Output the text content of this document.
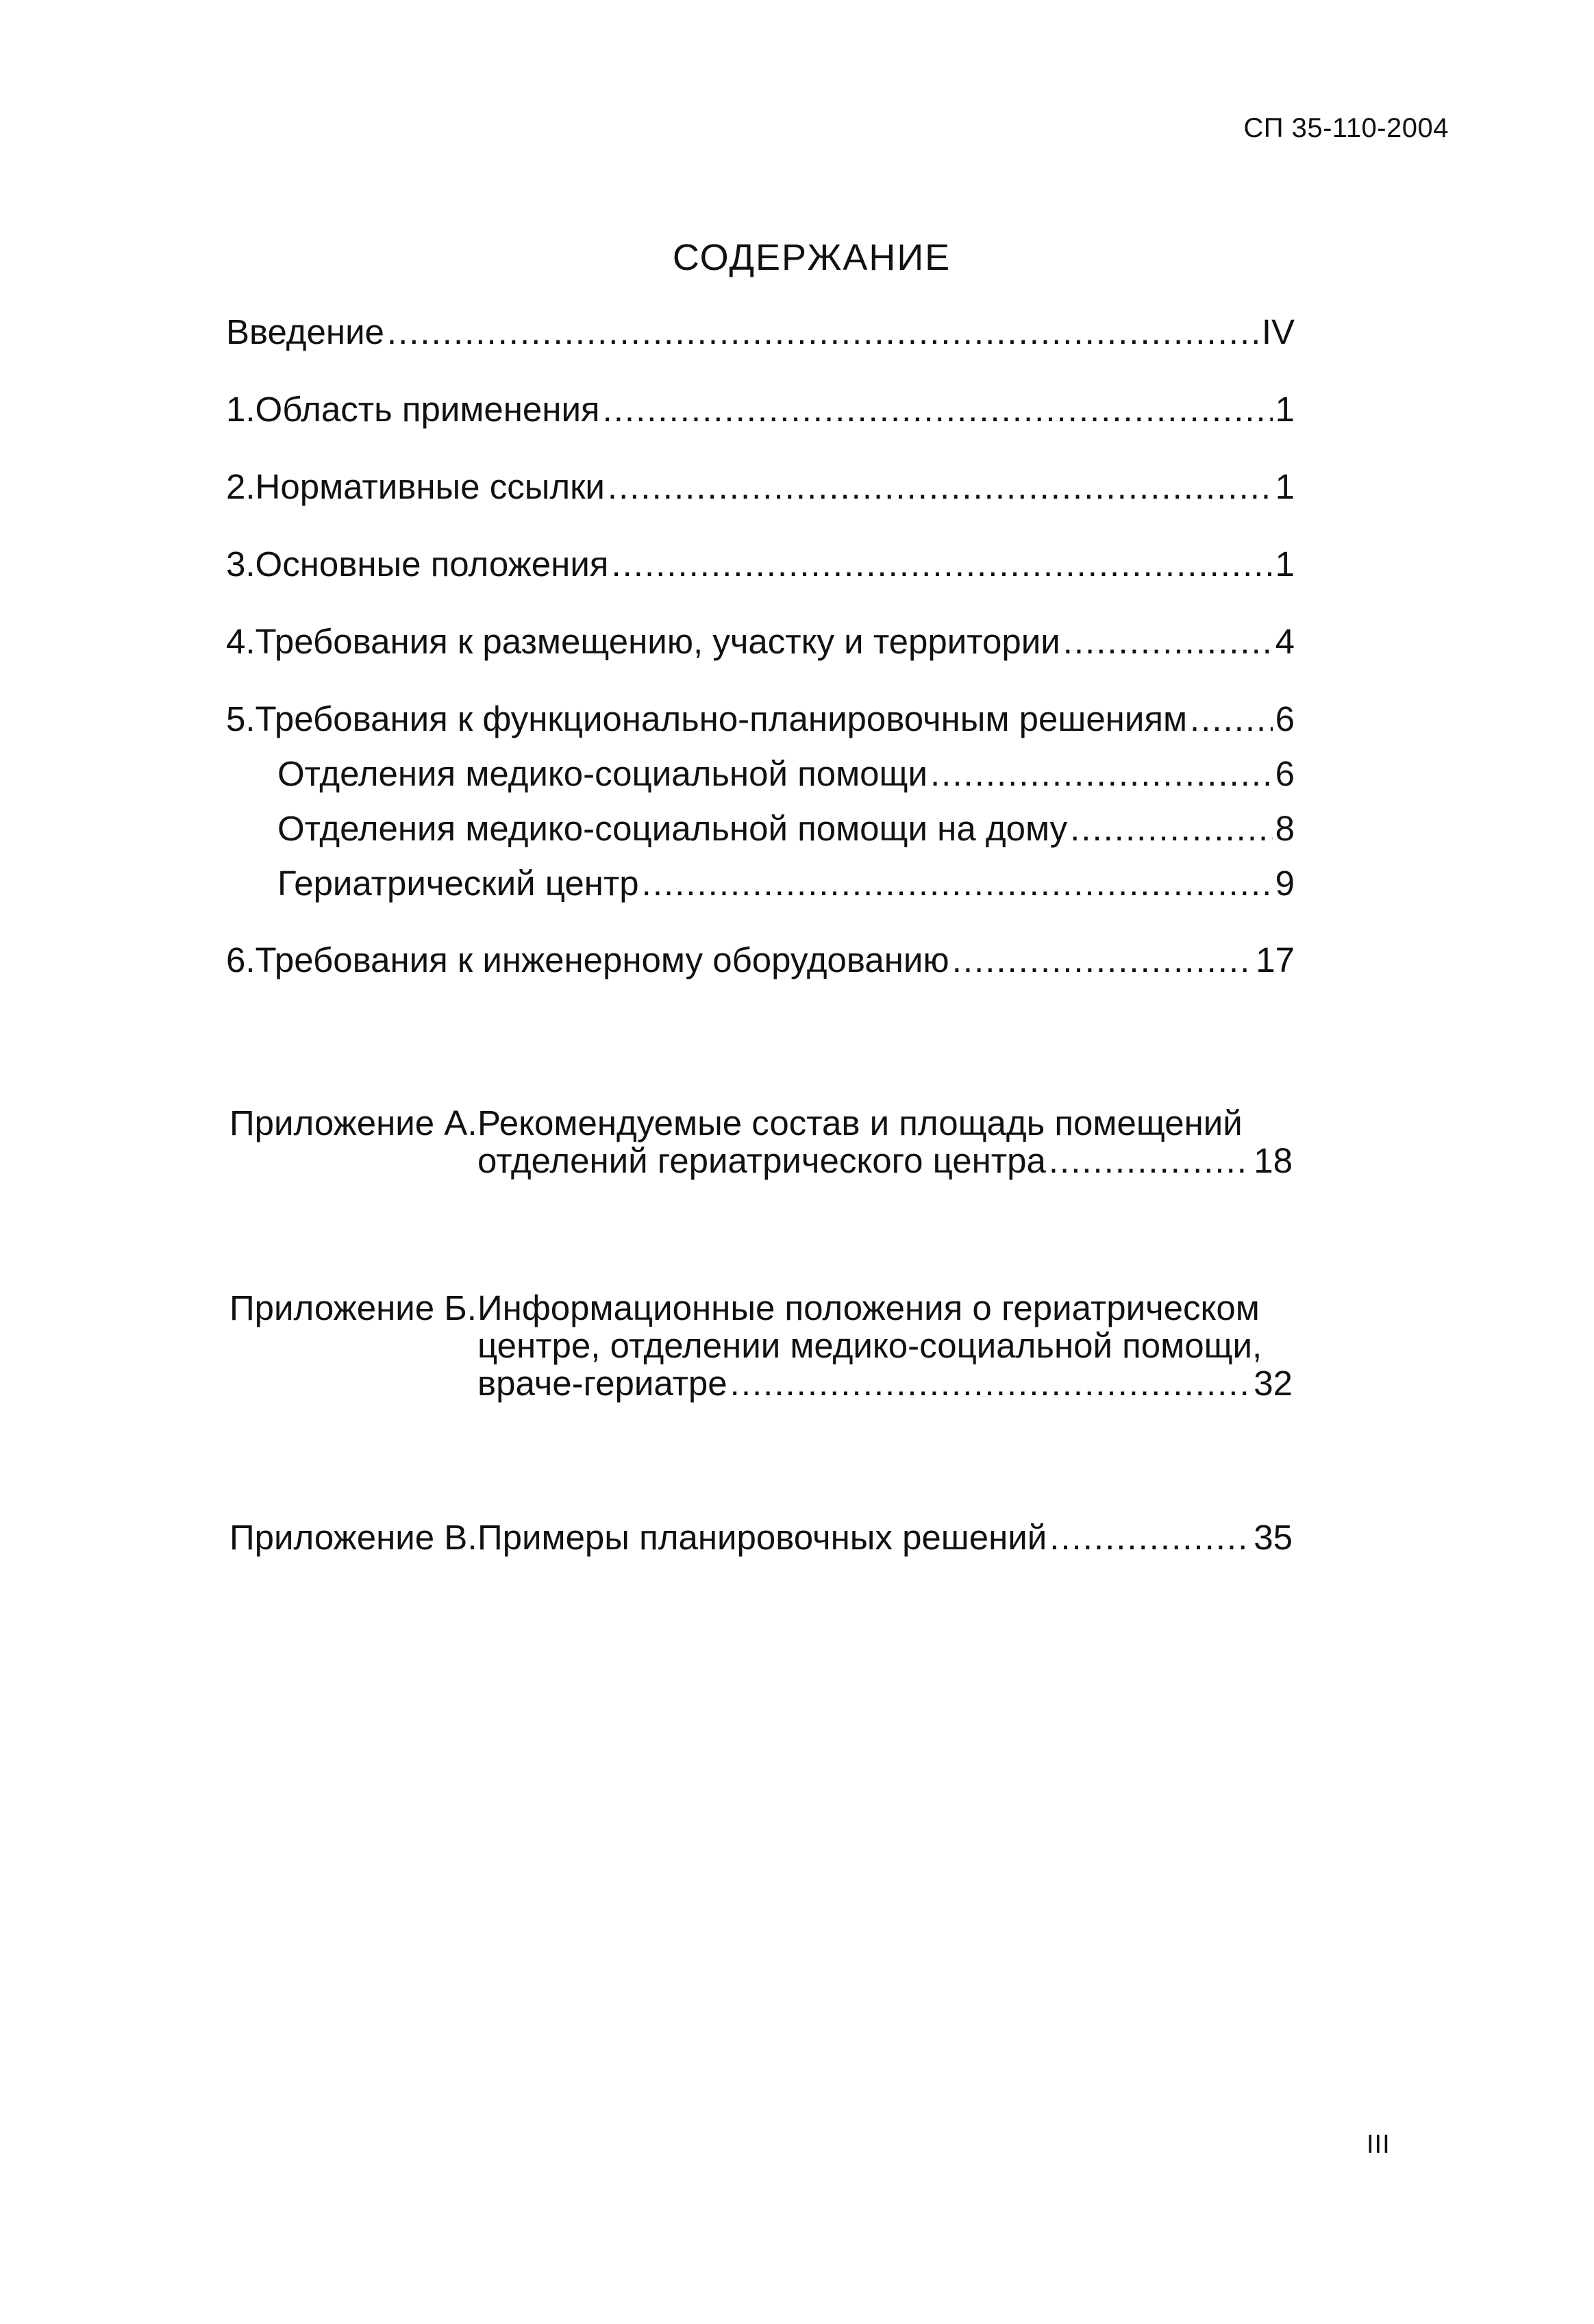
СП 35-110-2004
СОДЕРЖАНИЕ
Введение .....	IV
1. Область применения .....	1
2. Нормативные ссылки .....	1
3. Основные положения .....	1
4. Требования к размещению, участку и территории .....	4
5. Требования к функционально-планировочным решениям .....	6
Отделения медико-социальной помощи .....	6
Отделения медико-социальной помощи на дому .....	8
Гериатрический центр .....	9
6. Требования к инженерному оборудованию .....	17
Приложение А. Рекомендуемые состав и площадь помещений
отделений гериатрического центра .....	18
Приложение Б. Информационные положения о гериатрическом
центре, отделении медико-социальной помощи,
враче-гериатре .....	32
Приложение В. Примеры планировочных решений .....	35
III
